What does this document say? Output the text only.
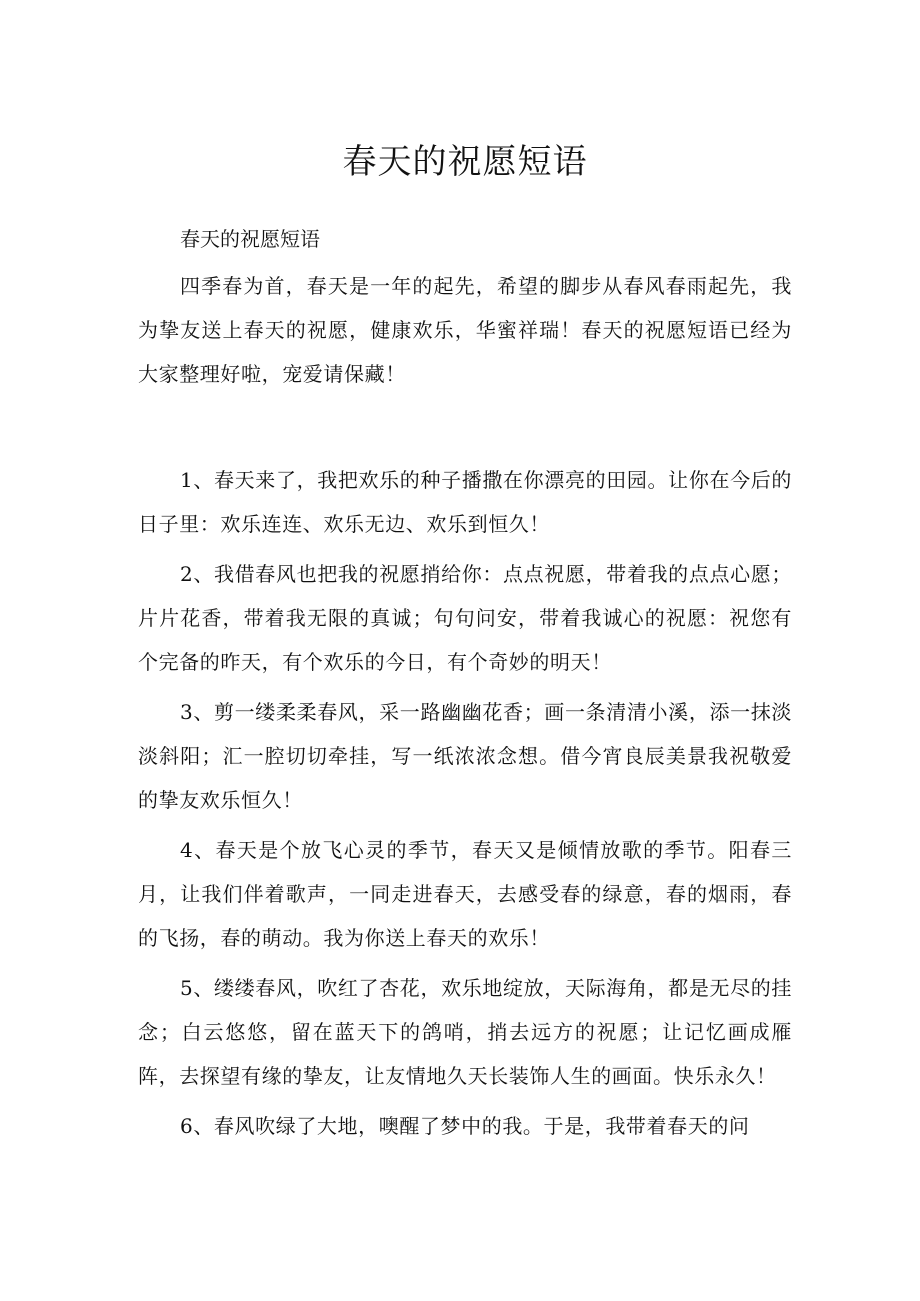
春天的祝愿短语

春天的祝愿短语

四季春为首，春天是一年的起先，希望的脚步从春风春雨起先，我为挚友送上春天的祝愿，健康欢乐，华蜜祥瑞！春天的祝愿短语已经为大家整理好啦，宠爱请保藏！

1、春天来了，我把欢乐的种子播撒在你漂亮的田园。让你在今后的日子里：欢乐连连、欢乐无边、欢乐到恒久！

2、我借春风也把我的祝愿捎给你：点点祝愿，带着我的点点心愿；片片花香，带着我无限的真诚；句句问安，带着我诚心的祝愿：祝您有个完备的昨天，有个欢乐的今日，有个奇妙的明天！

3、剪一缕柔柔春风，采一路幽幽花香；画一条清清小溪，添一抹淡淡斜阳；汇一腔切切牵挂，写一纸浓浓念想。借今宵良辰美景我祝敬爱的挚友欢乐恒久！

4、春天是个放飞心灵的季节，春天又是倾情放歌的季节。阳春三月，让我们伴着歌声，一同走进春天，去感受春的绿意，春的烟雨，春的飞扬，春的萌动。我为你送上春天的欢乐！

5、缕缕春风，吹红了杏花，欢乐地绽放，天际海角，都是无尽的挂念；白云悠悠，留在蓝天下的鸽哨，捎去远方的祝愿；让记忆画成雁阵，去探望有缘的挚友，让友情地久天长装饰人生的画面。快乐永久！

6、春风吹绿了大地，噢醒了梦中的我。于是，我带着春天的问
